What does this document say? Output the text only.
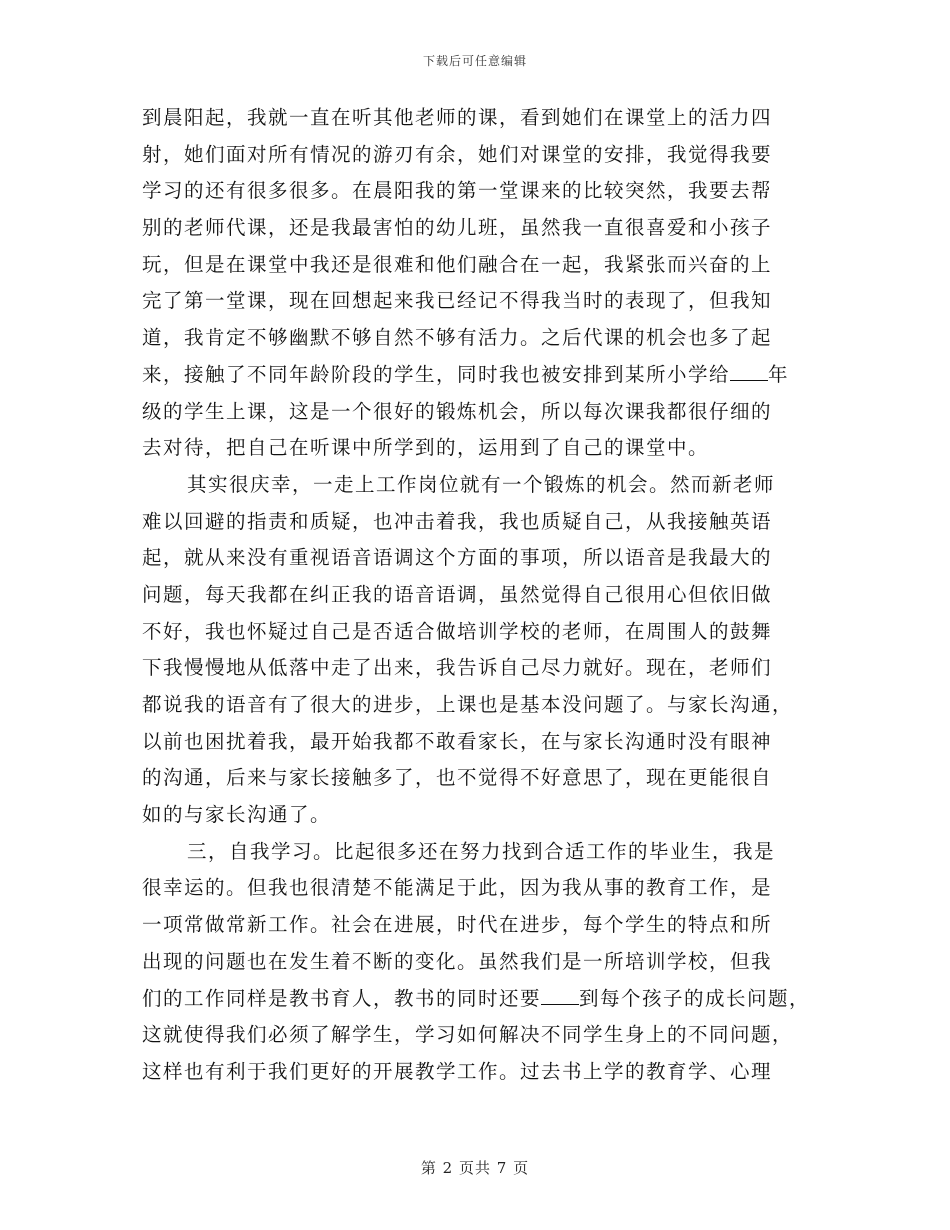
下载后可任意编辑
到晨阳起，我就一直在听其他老师的课，看到她们在课堂上的活力四
射，她们面对所有情况的游刃有余，她们对课堂的安排，我觉得我要
学习的还有很多很多。在晨阳我的第一堂课来的比较突然，我要去帮
别的老师代课，还是我最害怕的幼儿班，虽然我一直很喜爱和小孩子
玩，但是在课堂中我还是很难和他们融合在一起，我紧张而兴奋的上
完了第一堂课，现在回想起来我已经记不得我当时的表现了，但我知
道，我肯定不够幽默不够自然不够有活力。之后代课的机会也多了起
来，接触了不同年龄阶段的学生，同时我也被安排到某所小学给 年
级的学生上课，这是一个很好的锻炼机会，所以每次课我都很仔细的
去对待，把自己在听课中所学到的，运用到了自己的课堂中。
其实很庆幸，一走上工作岗位就有一个锻炼的机会。然而新老师
难以回避的指责和质疑，也冲击着我，我也质疑自己，从我接触英语
起，就从来没有重视语音语调这个方面的事项，所以语音是我最大的
问题，每天我都在纠正我的语音语调，虽然觉得自己很用心但依旧做
不好，我也怀疑过自己是否适合做培训学校的老师，在周围人的鼓舞
下我慢慢地从低落中走了出来，我告诉自己尽力就好。现在，老师们
都说我的语音有了很大的进步，上课也是基本没问题了。与家长沟通，
以前也困扰着我，最开始我都不敢看家长，在与家长沟通时没有眼神
的沟通，后来与家长接触多了，也不觉得不好意思了，现在更能很自
如的与家长沟通了。
三，自我学习。比起很多还在努力找到合适工作的毕业生，我是
很幸运的。但我也很清楚不能满足于此，因为我从事的教育工作，是
一项常做常新工作。社会在进展，时代在进步，每个学生的特点和所
出现的问题也在发生着不断的变化。虽然我们是一所培训学校，但我
们的工作同样是教书育人，教书的同时还要 到每个孩子的成长问题，
这就使得我们必须了解学生，学习如何解决不同学生身上的不同问题，
这样也有利于我们更好的开展教学工作。过去书上学的教育学、心理
第 2 页共 7 页
